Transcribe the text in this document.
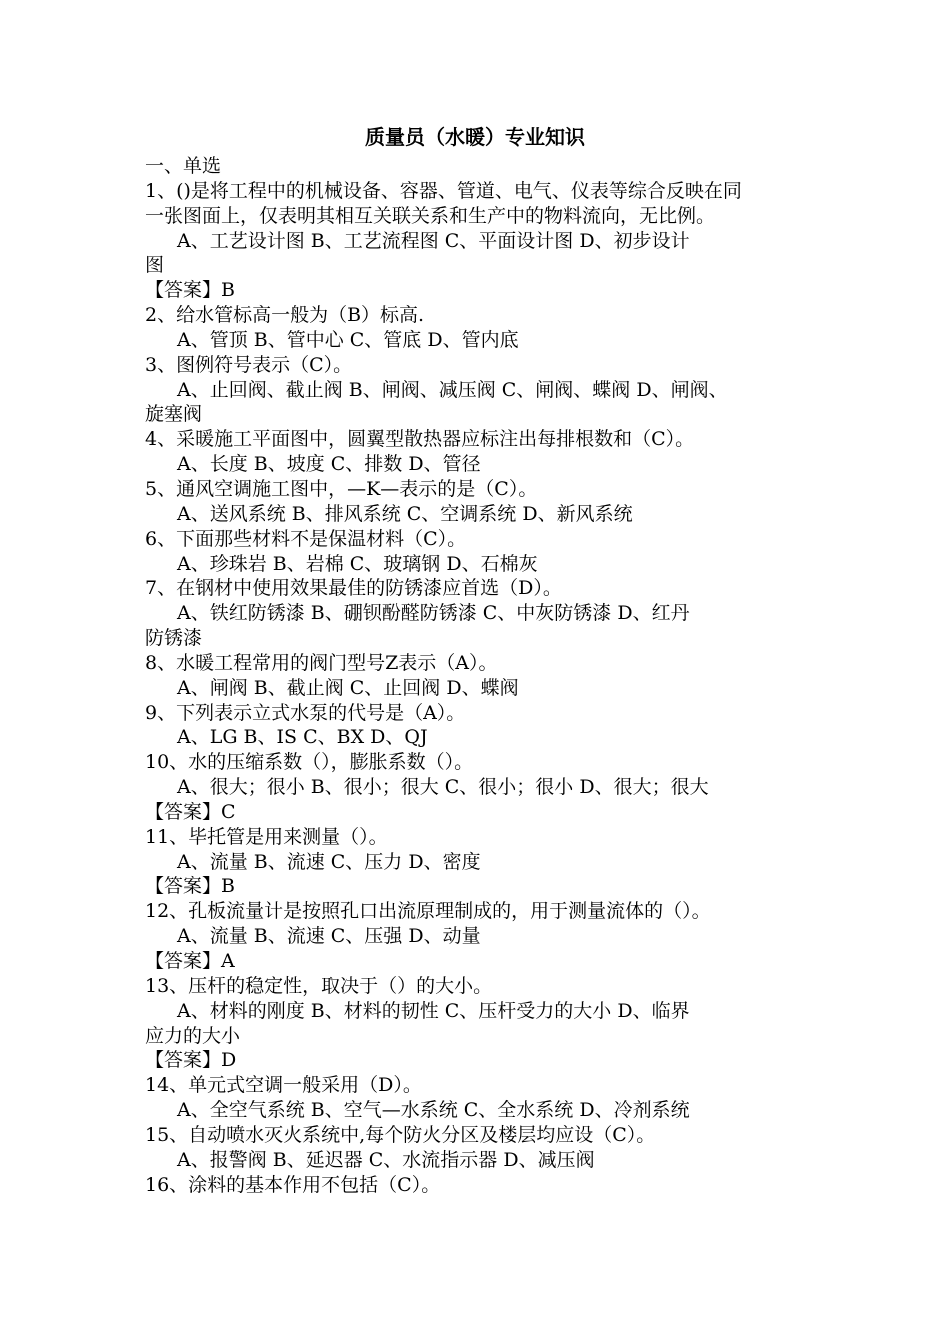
质量员（水暖）专业知识
一、单选
1、()是将工程中的机械设备、容器、管道、电气、仪表等综合反映在同
一张图面上，仅表明其相互关联关系和生产中的物料流向，无比例。
A、工艺设计图 B、工艺流程图 C、平面设计图 D、初步设计
图
【答案】B
2、给水管标高一般为（B）标高.
A、管顶 B、管中心 C、管底 D、管内底
3、图例符号表示（C）。
A、止回阀、截止阀 B、闸阀、减压阀 C、闸阀、蝶阀 D、闸阀、
旋塞阀
4、采暖施工平面图中，圆翼型散热器应标注出每排根数和（C）。
A、长度 B、坡度 C、排数 D、管径
5、通风空调施工图中，—K—表示的是（C）。
A、送风系统 B、排风系统 C、空调系统 D、新风系统
6、下面那些材料不是保温材料（C）。
A、珍珠岩 B、岩棉 C、玻璃钢 D、石棉灰
7、在钢材中使用效果最佳的防锈漆应首选（D）。
A、铁红防锈漆 B、硼钡酚醛防锈漆 C、中灰防锈漆 D、红丹
防锈漆
8、水暖工程常用的阀门型号Z表示（A）。
A、闸阀 B、截止阀 C、止回阀 D、蝶阀
9、下列表示立式水泵的代号是（A）。
A、LG B、IS C、BX D、QJ
10、水的压缩系数（），膨胀系数（）。
A、很大；很小 B、很小；很大 C、很小；很小 D、很大；很大
【答案】C
11、毕托管是用来测量（）。
A、流量 B、流速 C、压力 D、密度
【答案】B
12、孔板流量计是按照孔口出流原理制成的，用于测量流体的（）。
A、流量 B、流速 C、压强 D、动量
【答案】A
13、压杆的稳定性，取决于（）的大小。
A、材料的刚度 B、材料的韧性 C、压杆受力的大小 D、临界
应力的大小
【答案】D
14、单元式空调一般采用（D）。
A、全空气系统 B、空气—水系统 C、全水系统 D、冷剂系统
15、自动喷水灭火系统中,每个防火分区及楼层均应设（C）。
A、报警阀 B、延迟器 C、水流指示器 D、减压阀
16、涂料的基本作用不包括（C）。
